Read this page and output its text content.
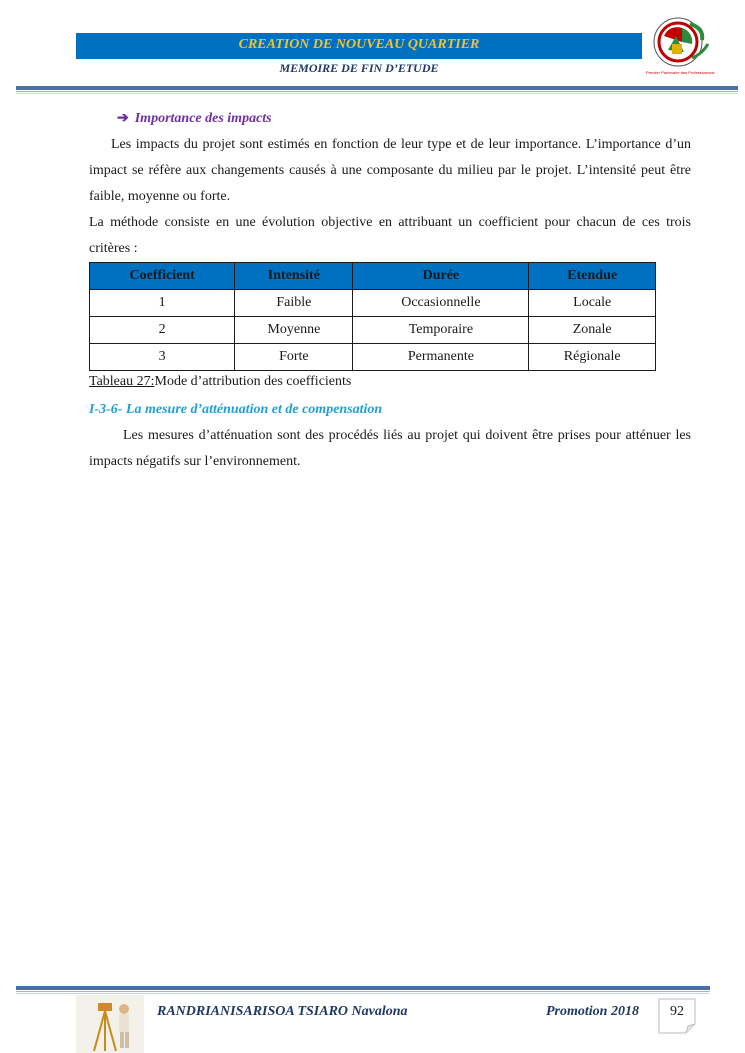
CREATION DE NOUVEAU QUARTIER
MEMOIRE DE FIN D’ETUDE	Premier Partenaire des Professionnels
➔ Importance des impacts

Les impacts du projet sont estimés en fonction de leur type et de leur importance. L’importance d’un impact se réfère aux changements causés à une composante du milieu par le projet. L’intensité peut être faible, moyenne ou forte.

La méthode consiste en une évolution objective en attribuant un coefficient pour chacun de ces trois critères :

Coefficient	Intensité	Durée	Etendue
1	Faible	Occasionnelle	Locale
2	Moyenne	Temporaire	Zonale
3	Forte	Permanente	Régionale
Tableau 27:Mode d’attribution des coefficients
I-3-6- La mesure d’atténuation et de compensation

Les mesures d’atténuation sont des procédés liés au projet qui doivent être prises pour atténuer les impacts négatifs sur l’environnement.

RANDRIANISARISOA TSIARO Navalona	Promotion 2018	92
